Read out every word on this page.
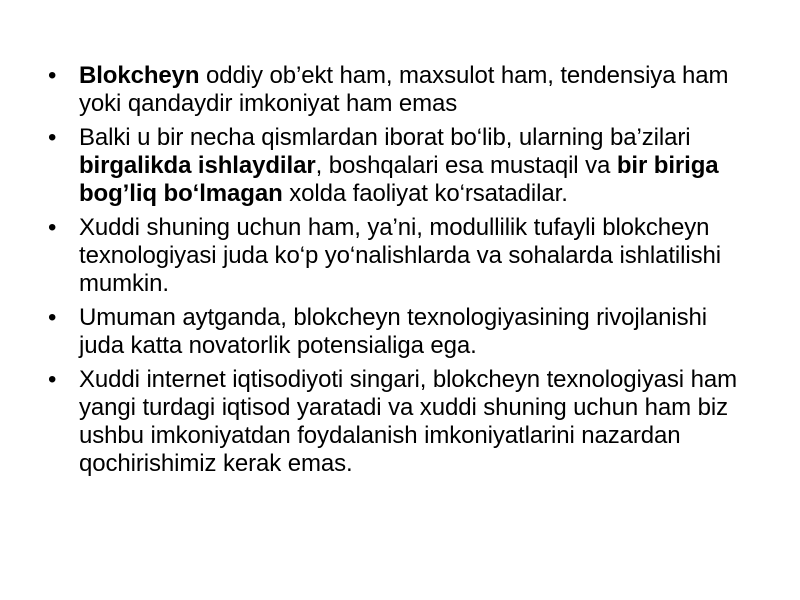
• Blokcheyn oddiy ob’ekt ham, maxsulot ham, tendensiya ham yoki qandaydir imkoniyat ham emas
• Balki u bir necha qismlardan iborat bo‘lib, ularning ba’zilari birgalikda ishlaydilar, boshqalari esa mustaqil va bir biriga bog’liq bo‘lmagan xolda faoliyat ko‘rsatadilar.
• Xuddi shuning uchun ham, ya’ni, modullilik tufayli blokcheyn texnologiyasi juda ko‘p yo‘nalishlarda va sohalarda ishlatilishi mumkin.
• Umuman aytganda, blokcheyn texnologiyasining rivojlanishi juda katta novatorlik potensialiga ega.
• Xuddi internet iqtisodiyoti singari, blokcheyn texnologiyasi ham yangi turdagi iqtisod yaratadi va xuddi shuning uchun ham biz ushbu imkoniyatdan foydalanish imkoniyatlarini nazardan qochirishimiz kerak emas.
